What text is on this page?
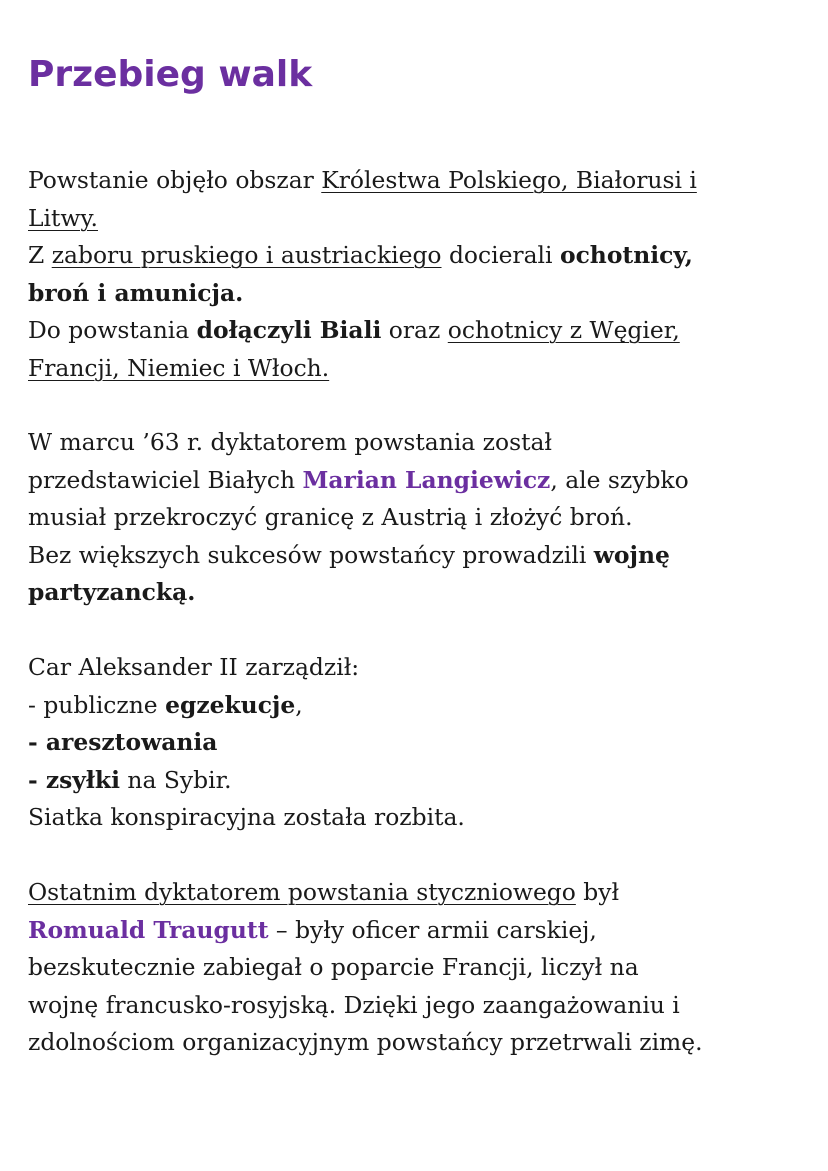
Przebieg walk
Powstanie objęło obszar Królestwa Polskiego, Białorusi i
Litwy.
Z zaboru pruskiego i austriackiego docierali ochotnicy,
broń i amunicja.
Do powstania dołączyli Biali oraz ochotnicy z Węgier,
Francji, Niemiec i Włoch.
W marcu ’63 r. dyktatorem powstania został
przedstawiciel Białych Marian Langiewicz, ale szybko
musiał przekroczyć granicę z Austrią i złożyć broń.
Bez większych sukcesów powstańcy prowadzili wojnę
partyzancką.
Car Aleksander II zarządził:
- publiczne egzekucje,
- aresztowania
- zsyłki na Sybir.
Siatka konspiracyjna została rozbita.
Ostatnim dyktatorem powstania styczniowego był
Romuald Traugutt – były oficer armii carskiej,
bezskutecznie zabiegał o poparcie Francji, liczył na
wojnę francusko-rosyjską. Dzięki jego zaangażowaniu i
zdolnościom organizacyjnym powstańcy przetrwali zimę.
